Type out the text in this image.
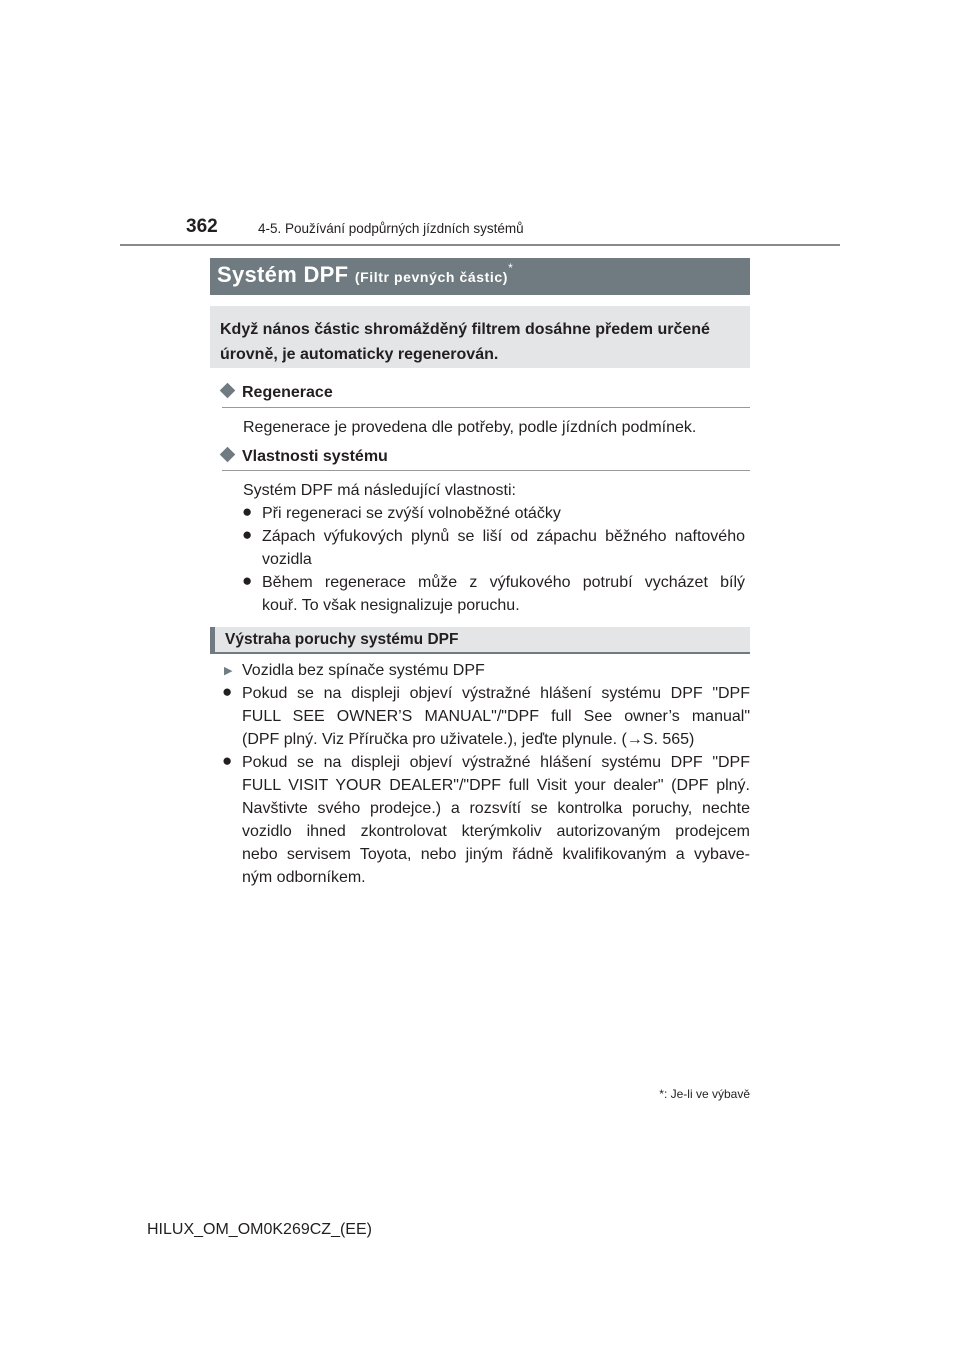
362	4-5. Používání podpůrných jízdních systémů
Systém DPF (Filtr pevných částic)*
Když nános částic shromážděný filtrem dosáhne předem určené úrovně, je automaticky regenerován.
Regenerace
Regenerace je provedena dle potřeby, podle jízdních podmínek.
Vlastnosti systému
Systém DPF má následující vlastnosti:
● Při regeneraci se zvýší volnoběžné otáčky
● Zápach výfukových plynů se liší od zápachu běžného naftového
vozidla
● Během regenerace může z výfukového potrubí vycházet bílý
kouř. To však nesignalizuje poruchu.
Výstraha poruchy systému DPF
▶ Vozidla bez spínače systému DPF
● Pokud se na displeji objeví výstražné hlášení systému DPF "DPF
FULL SEE OWNER’S MANUAL"/"DPF full See owner’s manual"
(DPF plný. Viz Příručka pro uživatele.), jeďte plynule. (→S. 565)
● Pokud se na displeji objeví výstražné hlášení systému DPF "DPF
FULL VISIT YOUR DEALER"/"DPF full Visit your dealer" (DPF plný.
Navštivte svého prodejce.) a rozsvítí se kontrolka poruchy, nechte
vozidlo ihned zkontrolovat kterýmkoliv autorizovaným prodejcem
nebo servisem Toyota, nebo jiným řádně kvalifikovaným a vybave-
ným odborníkem.
*: Je-li ve výbavě
HILUX_OM_OM0K269CZ_(EE)
